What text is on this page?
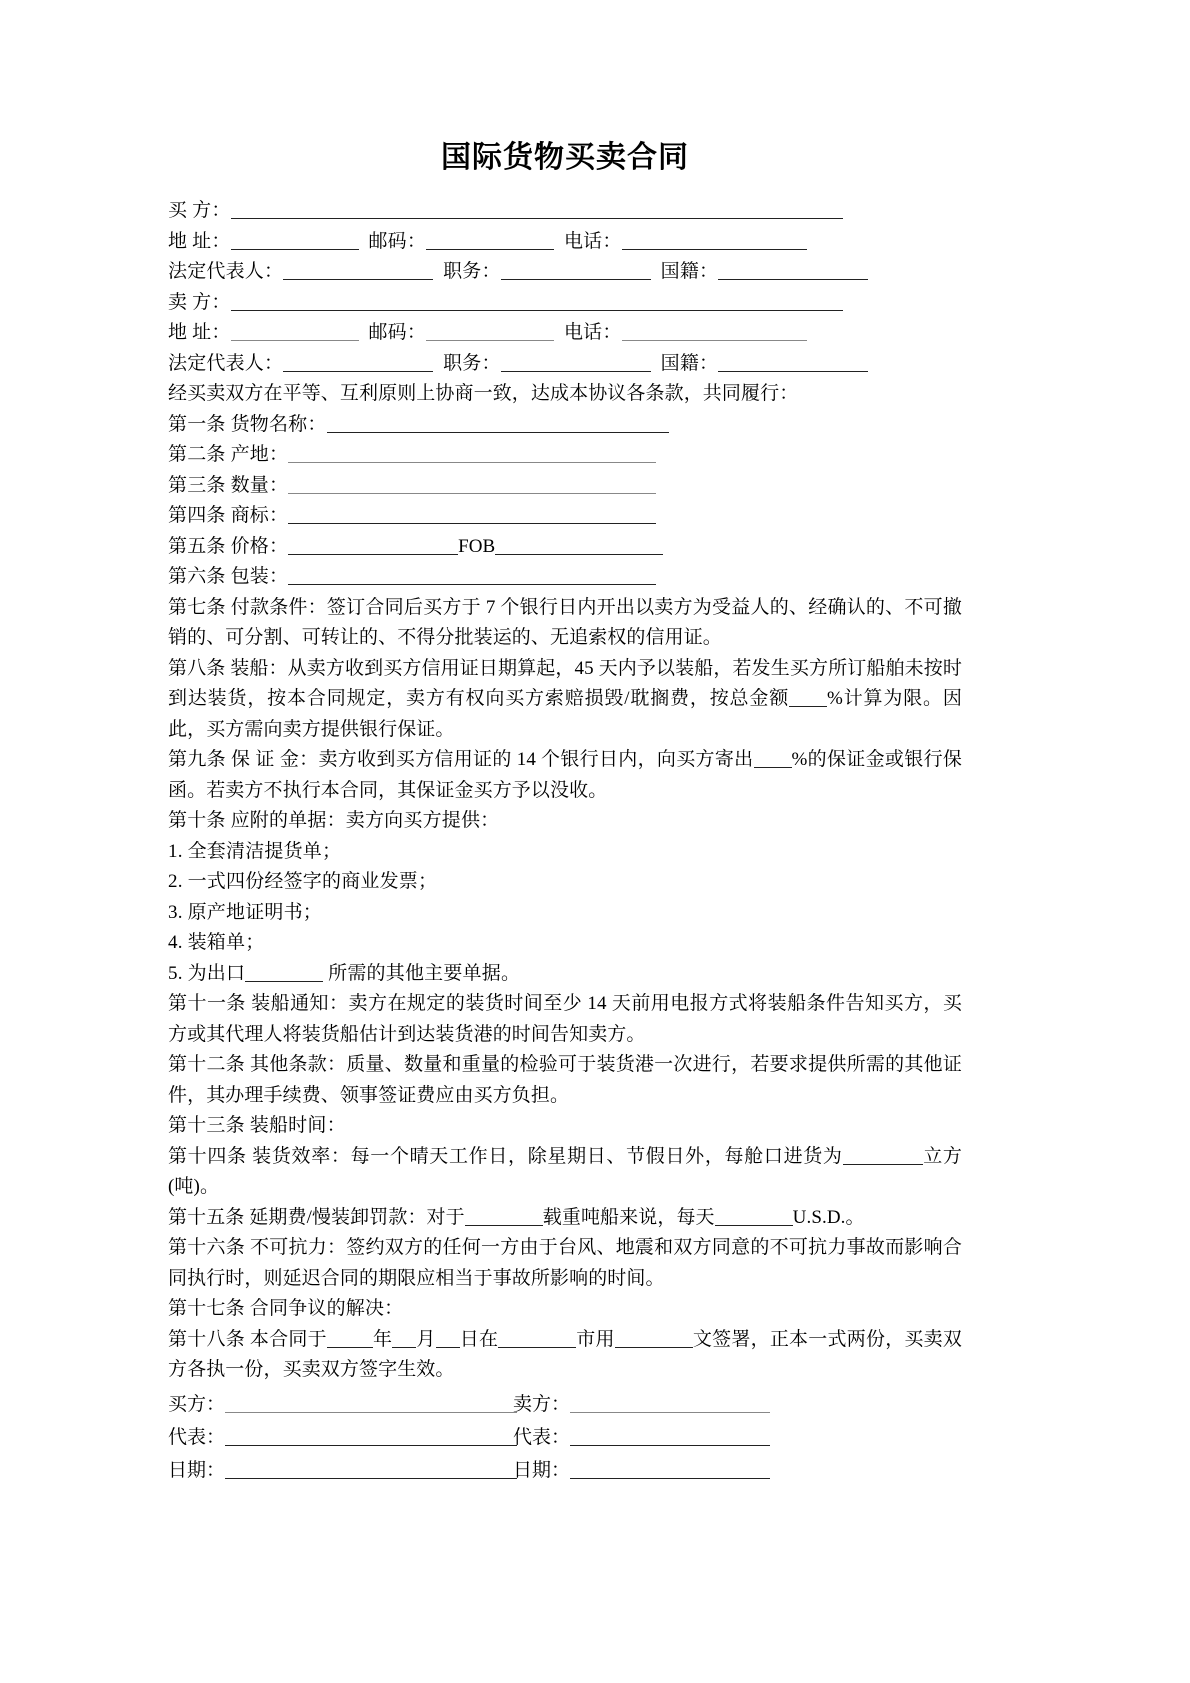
国际货物买卖合同
买 方：
地 址：	邮码：	电话：
法定代表人：	职务：	国籍：
卖 方：
地 址：	邮码：	电话：
法定代表人：	职务：	国籍：
经买卖双方在平等、互利原则上协商一致，达成本协议各条款，共同履行：
第一条 货物名称：
第二条 产地：
第三条 数量：
第四条 商标：
第五条 价格：	FOB
第六条 包装：
第七条 付款条件：签订合同后买方于 7 个银行日内开出以卖方为受益人的、经确认的、不可撤销的、可分割、可转让的、不得分批装运的、无追索权的信用证。
第八条 装船：从卖方收到买方信用证日期算起，45 天内予以装船，若发生买方所订船舶未按时到达装货，按本合同规定，卖方有权向买方索赔损毁/耽搁费，按总金额 %计算为限。因此，买方需向卖方提供银行保证。
第九条 保 证 金：卖方收到买方信用证的 14 个银行日内，向买方寄出 %的保证金或银行保函。若卖方不执行本合同，其保证金买方予以没收。
第十条 应附的单据：卖方向买方提供：
1. 全套清洁提货单；
2. 一式四份经签字的商业发票；
3. 原产地证明书；
4. 装箱单；
5. 为出口	所需的其他主要单据。
第十一条 装船通知：卖方在规定的装货时间至少 14 天前用电报方式将装船条件告知买方，买方或其代理人将装货船估计到达装货港的时间告知卖方。
第十二条 其他条款：质量、数量和重量的检验可于装货港一次进行，若要求提供所需的其他证件，其办理手续费、领事签证费应由买方负担。
第十三条 装船时间：
第十四条 装货效率：每一个晴天工作日，除星期日、节假日外，每舱口进货为	立方(吨)。
第十五条 延期费/慢装卸罚款：对于	载重吨船来说，每天	U.S.D.。
第十六条 不可抗力：签约双方的任何一方由于台风、地震和双方同意的不可抗力事故而影响合同执行时，则延迟合同的期限应相当于事故所影响的时间。
第十七条 合同争议的解决：
第十八条 本合同于 年 月 日在	市用	文签署，正本一式两份，买卖双方各执一份，买卖双方签字生效。
买方：	卖方：
代表：	代表：
日期：	日期：
